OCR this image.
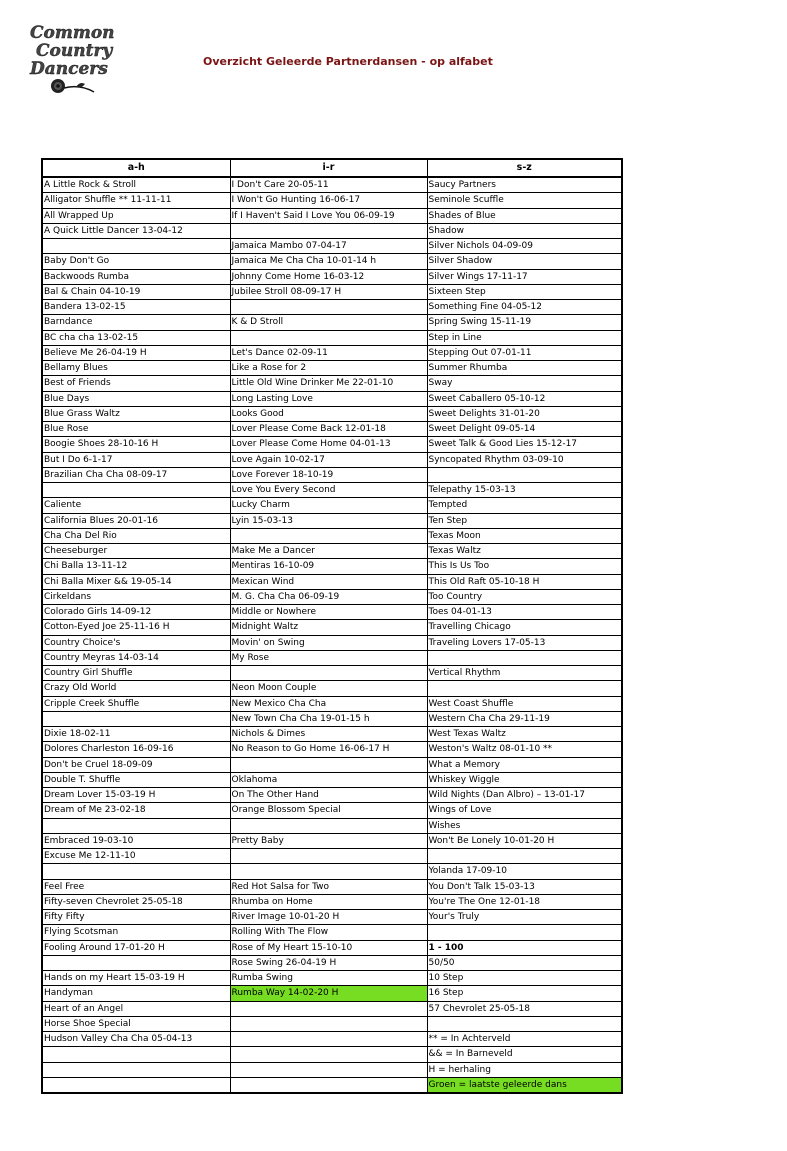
Common
Country
Dancers	Overzicht Geleerde Partnerdansen - op alfabet
a-h	i-r	s-z
A Little Rock & Stroll	I Don't Care 20-05-11	Saucy Partners
Alligator Shuffle ** 11-11-11	I Won't Go Hunting 16-06-17	Seminole Scuffle
All Wrapped Up	If I Haven't Said I Love You 06-09-19	Shades of Blue
A Quick Little Dancer 13-04-12		Shadow
	Jamaica Mambo 07-04-17	Silver Nichols 04-09-09
Baby Don't Go	Jamaica Me Cha Cha 10-01-14 h	Silver Shadow
Backwoods Rumba	Johnny Come Home 16-03-12	Silver Wings 17-11-17
Bal & Chain 04-10-19	Jubilee Stroll 08-09-17 H	Sixteen Step
Bandera 13-02-15		Something Fine 04-05-12
Barndance	K & D Stroll	Spring Swing 15-11-19
BC cha cha 13-02-15		Step in Line
Believe Me 26-04-19 H	Let's Dance 02-09-11	Stepping Out 07-01-11
Bellamy Blues	Like a Rose for 2	Summer Rhumba
Best of Friends	Little Old Wine Drinker Me 22-01-10	Sway
Blue Days	Long Lasting Love	Sweet Caballero 05-10-12
Blue Grass Waltz	Looks Good	Sweet Delights 31-01-20
Blue Rose	Lover Please Come Back 12-01-18	Sweet Delight 09-05-14
Boogie Shoes 28-10-16 H	Lover Please Come Home 04-01-13	Sweet Talk & Good Lies 15-12-17
But I Do 6-1-17	Love Again 10-02-17	Syncopated Rhythm 03-09-10
Brazilian Cha Cha 08-09-17	Love Forever 18-10-19	
	Love You Every Second	Telepathy 15-03-13
Caliente	Lucky Charm	Tempted
California Blues 20-01-16	Lyin 15-03-13	Ten Step
Cha Cha Del Rio		Texas Moon
Cheeseburger	Make Me a Dancer	Texas Waltz
Chi Balla 13-11-12	Mentiras 16-10-09	This Is Us Too
Chi Balla Mixer && 19-05-14	Mexican Wind	This Old Raft 05-10-18 H
Cirkeldans	M. G. Cha Cha 06-09-19	Too Country
Colorado Girls 14-09-12	Middle or Nowhere	Toes 04-01-13
Cotton-Eyed Joe 25-11-16 H	Midnight Waltz	Travelling Chicago
Country Choice's	Movin' on Swing	Traveling Lovers 17-05-13
Country Meyras 14-03-14	My Rose	
Country Girl Shuffle		Vertical Rhythm
Crazy Old World	Neon Moon Couple	
Cripple Creek Shuffle	New Mexico Cha Cha	West Coast Shuffle
	New Town Cha Cha 19-01-15 h	Western Cha Cha 29-11-19
Dixie 18-02-11	Nichols & Dimes	West Texas Waltz
Dolores Charleston 16-09-16	No Reason to Go Home 16-06-17 H	Weston's Waltz 08-01-10 **
Don't be Cruel 18-09-09		What a Memory
Double T. Shuffle	Oklahoma	Whiskey Wiggle
Dream Lover 15-03-19 H	On The Other Hand	Wild Nights (Dan Albro) – 13-01-17
Dream of Me 23-02-18	Orange Blossom Special	Wings of Love
		Wishes
Embraced 19-03-10	Pretty Baby	Won't Be Lonely 10-01-20 H
Excuse Me 12-11-10		
		Yolanda 17-09-10
Feel Free	Red Hot Salsa for Two	You Don't Talk 15-03-13
Fifty-seven Chevrolet 25-05-18	Rhumba on Home	You're The One 12-01-18
Fifty Fifty	River Image 10-01-20 H	Your's Truly
Flying Scotsman	Rolling With The Flow	
Fooling Around 17-01-20 H	Rose of My Heart 15-10-10	1 - 100
	Rose Swing 26-04-19 H	50/50
Hands on my Heart 15-03-19 H	Rumba Swing	10 Step
Handyman	Rumba Way 14-02-20 H	16 Step
Heart of an Angel		57 Chevrolet 25-05-18
Horse Shoe Special		
Hudson Valley Cha Cha 05-04-13		** = In Achterveld
		&& = In Barneveld
		H = herhaling
		Groen = laatste geleerde dans
